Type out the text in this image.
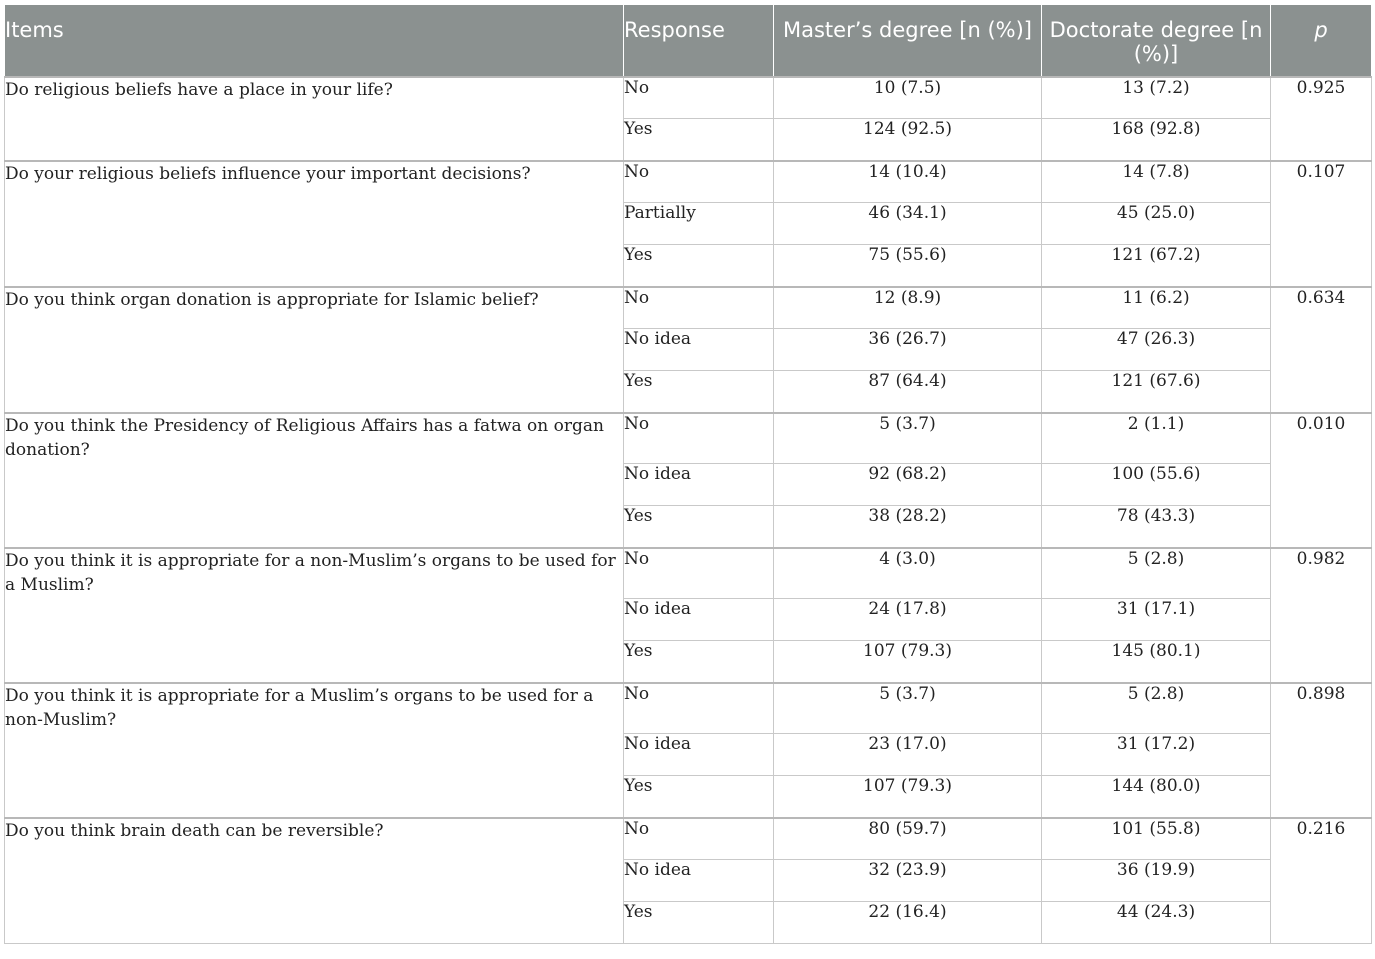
Items	Response	Master’s degree [n (%)]	Doctorate degree [n (%)]	p
Do religious beliefs have a place in your life?	No	10 (7.5)	13 (7.2)	0.925
	Yes	124 (92.5)	168 (92.8)	
Do your religious beliefs influence your important decisions?	No	14 (10.4)	14 (7.8)	0.107
	Partially	46 (34.1)	45 (25.0)	
	Yes	75 (55.6)	121 (67.2)	
Do you think organ donation is appropriate for Islamic belief?	No	12 (8.9)	11 (6.2)	0.634
	No idea	36 (26.7)	47 (26.3)	
	Yes	87 (64.4)	121 (67.6)	
Do you think the Presidency of Religious Affairs has a fatwa on organ donation?	No	5 (3.7)	2 (1.1)	0.010
	No idea	92 (68.2)	100 (55.6)	
	Yes	38 (28.2)	78 (43.3)	
Do you think it is appropriate for a non-Muslim’s organs to be used for a Muslim?	No	4 (3.0)	5 (2.8)	0.982
	No idea	24 (17.8)	31 (17.1)	
	Yes	107 (79.3)	145 (80.1)	
Do you think it is appropriate for a Muslim’s organs to be used for a non-Muslim?	No	5 (3.7)	5 (2.8)	0.898
	No idea	23 (17.0)	31 (17.2)	
	Yes	107 (79.3)	144 (80.0)	
Do you think brain death can be reversible?	No	80 (59.7)	101 (55.8)	0.216
	No idea	32 (23.9)	36 (19.9)	
	Yes	22 (16.4)	44 (24.3)	
